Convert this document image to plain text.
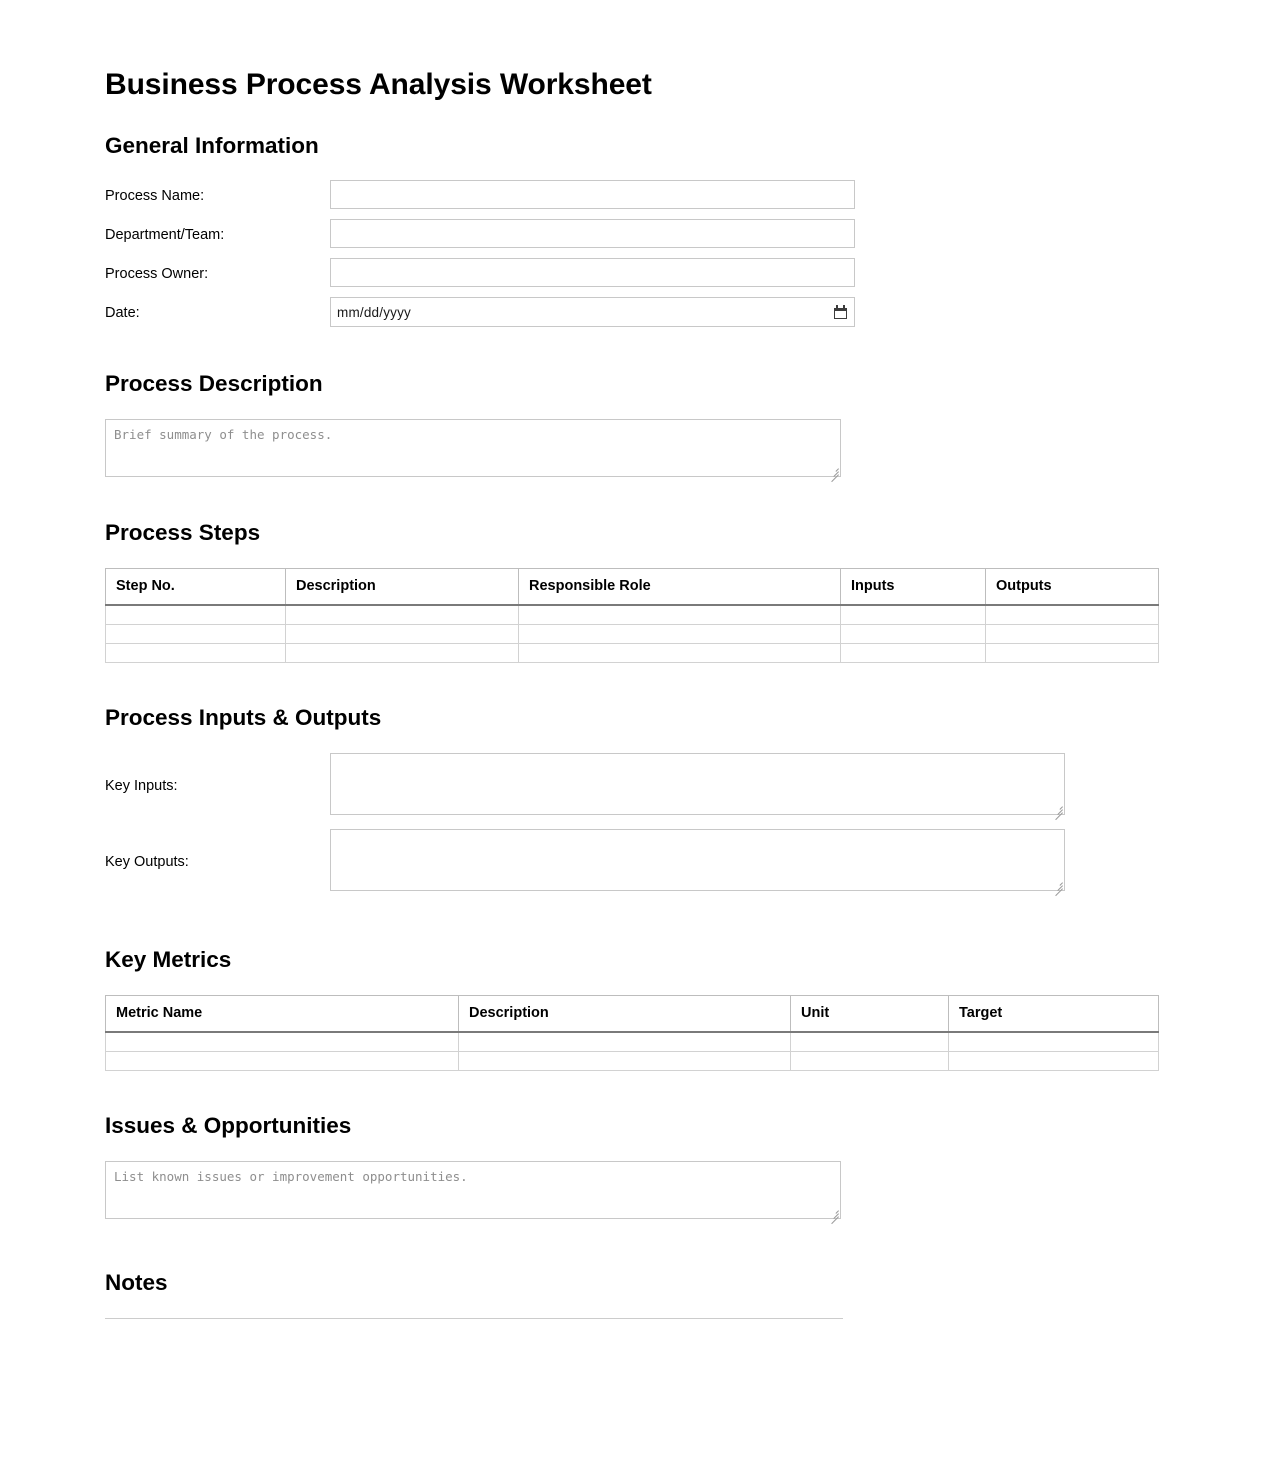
Business Process Analysis Worksheet
General Information
Process Name:
Department/Team:
Process Owner:
Date:	mm/dd/yyyy
Process Description
Brief summary of the process.
Process Steps
Step No.	Description	Responsible Role	Inputs	Outputs

Process Inputs & Outputs
Key Inputs:
Key Outputs:
Key Metrics
Metric Name	Description	Unit	Target

Issues & Opportunities
List known issues or improvement opportunities.
Notes
